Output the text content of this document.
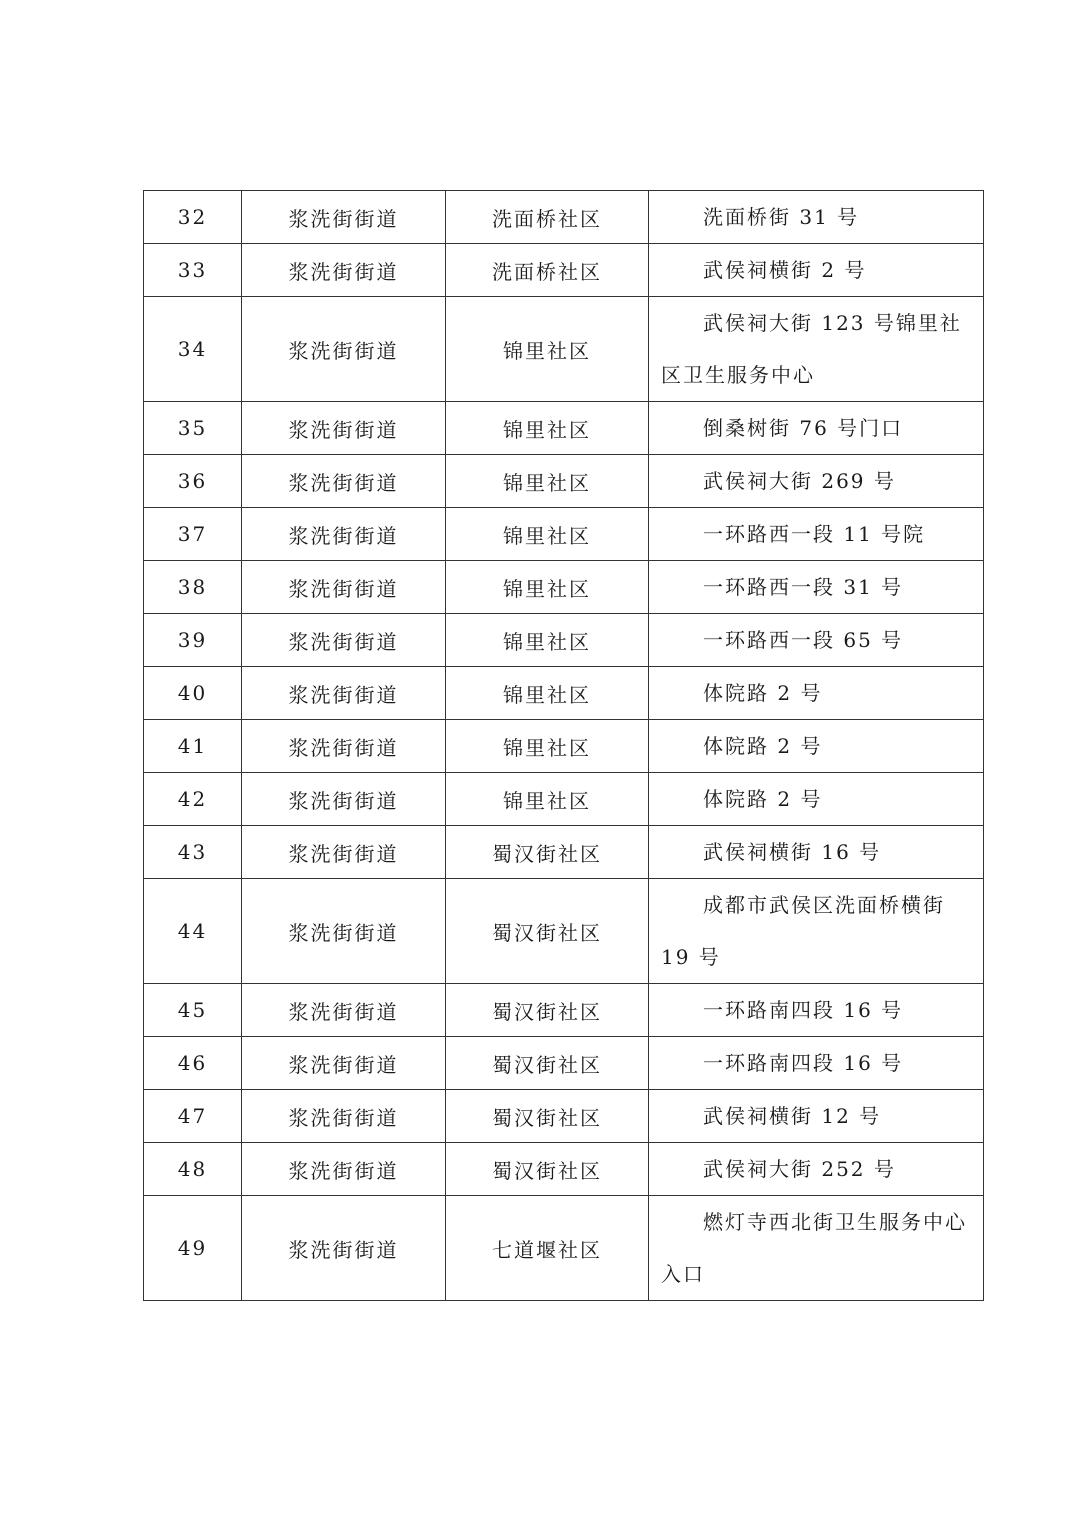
32	浆洗街街道	洗面桥社区	洗面桥街 31 号
33	浆洗街街道	洗面桥社区	武侯祠横街 2 号
34	浆洗街街道	锦里社区	武侯祠大街 123 号锦里社区卫生服务中心
35	浆洗街街道	锦里社区	倒桑树街 76 号门口
36	浆洗街街道	锦里社区	武侯祠大街 269 号
37	浆洗街街道	锦里社区	一环路西一段 11 号院
38	浆洗街街道	锦里社区	一环路西一段 31 号
39	浆洗街街道	锦里社区	一环路西一段 65 号
40	浆洗街街道	锦里社区	体院路 2 号
41	浆洗街街道	锦里社区	体院路 2 号
42	浆洗街街道	锦里社区	体院路 2 号
43	浆洗街街道	蜀汉街社区	武侯祠横街 16 号
44	浆洗街街道	蜀汉街社区	成都市武侯区洗面桥横街 19 号
45	浆洗街街道	蜀汉街社区	一环路南四段 16 号
46	浆洗街街道	蜀汉街社区	一环路南四段 16 号
47	浆洗街街道	蜀汉街社区	武侯祠横街 12 号
48	浆洗街街道	蜀汉街社区	武侯祠大街 252 号
49	浆洗街街道	七道堰社区	燃灯寺西北街卫生服务中心入口
